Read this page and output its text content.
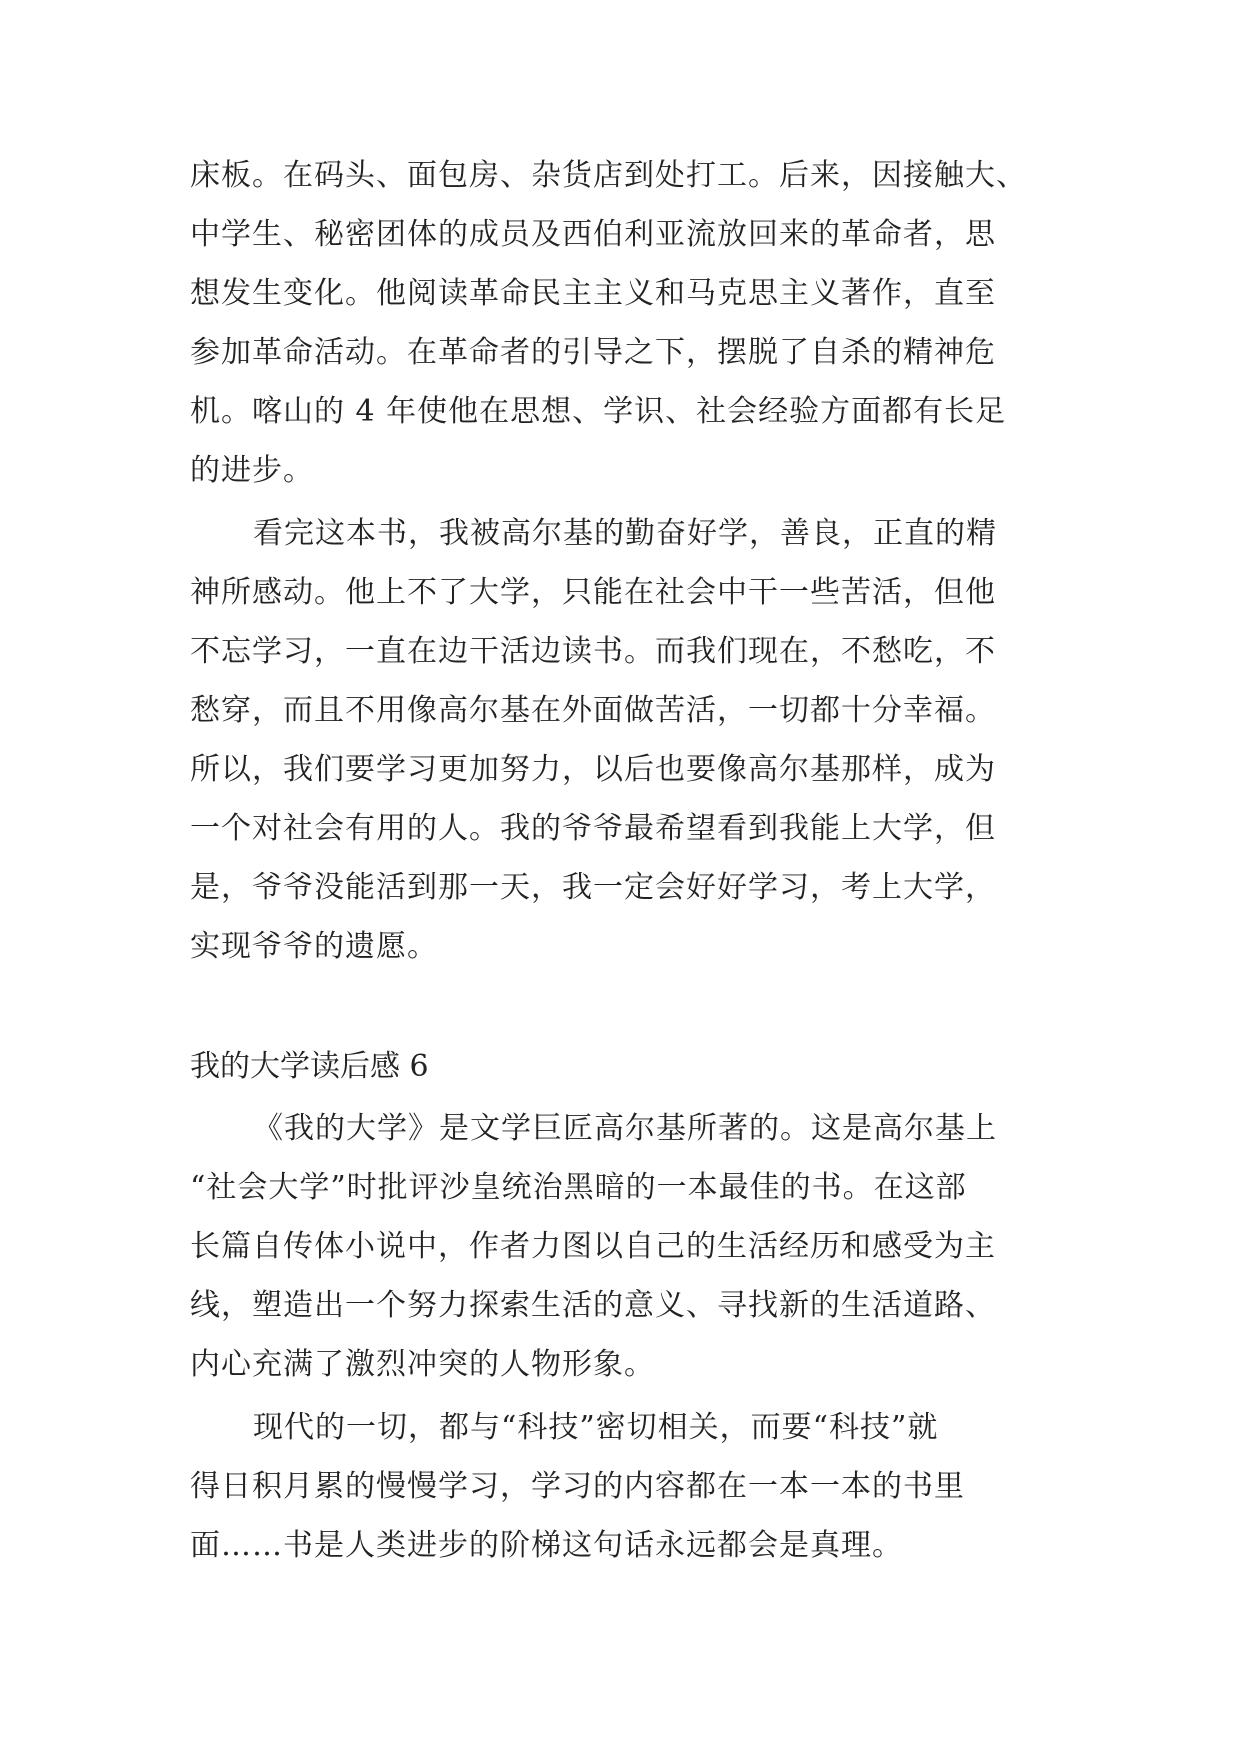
床板。在码头、面包房、杂货店到处打工。后来，因接触大、
中学生、秘密团体的成员及西伯利亚流放回来的革命者，思
想发生变化。他阅读革命民主主义和马克思主义著作，直至
参加革命活动。在革命者的引导之下，摆脱了自杀的精神危
机。喀山的 4 年使他在思想、学识、社会经验方面都有长足
的进步。
看完这本书，我被高尔基的勤奋好学，善良，正直的精
神所感动。他上不了大学，只能在社会中干一些苦活，但他
不忘学习，一直在边干活边读书。而我们现在，不愁吃，不
愁穿，而且不用像高尔基在外面做苦活，一切都十分幸福。
所以，我们要学习更加努力，以后也要像高尔基那样，成为
一个对社会有用的人。我的爷爷最希望看到我能上大学，但
是，爷爷没能活到那一天，我一定会好好学习，考上大学，
实现爷爷的遗愿。
我的大学读后感 6
《我的大学》是文学巨匠高尔基所著的。这是高尔基上
“社会大学”时批评沙皇统治黑暗的一本最佳的书。在这部
长篇自传体小说中，作者力图以自己的生活经历和感受为主
线，塑造出一个努力探索生活的意义、寻找新的生活道路、
内心充满了激烈冲突的人物形象。
现代的一切，都与“科技”密切相关，而要“科技”就
得日积月累的慢慢学习，学习的内容都在一本一本的书里
面……书是人类进步的阶梯这句话永远都会是真理。
